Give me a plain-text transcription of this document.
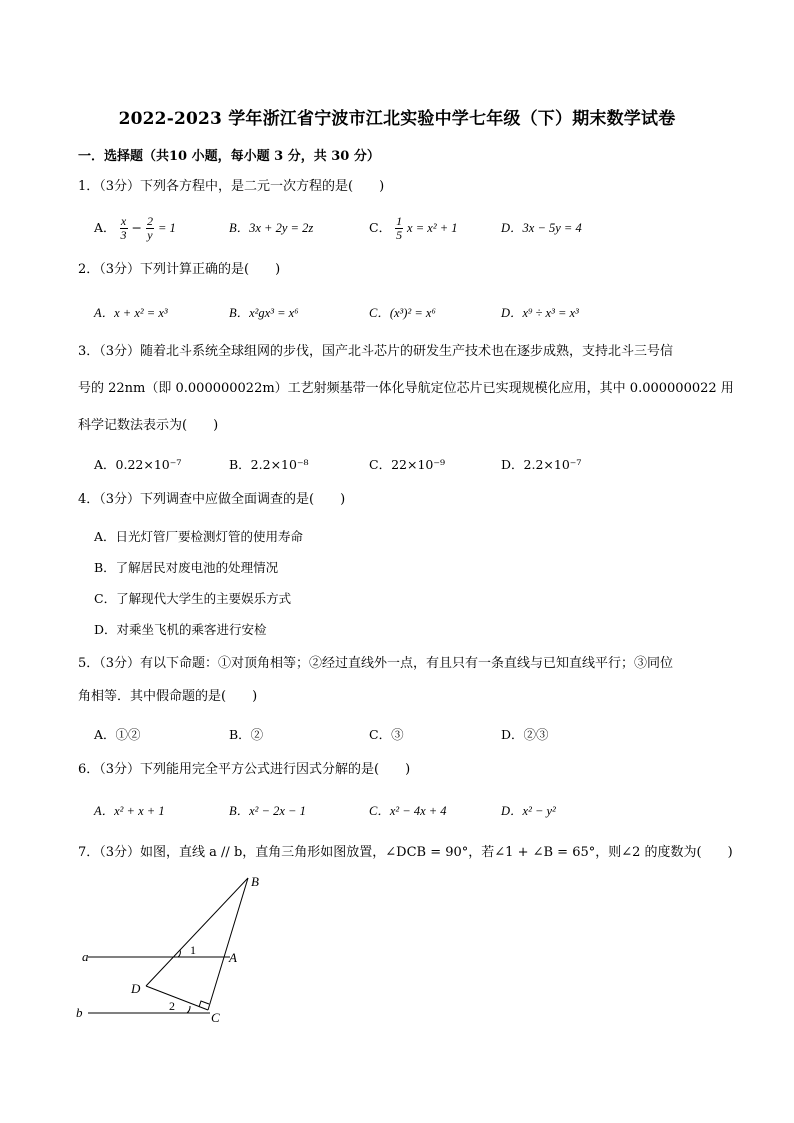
2022-2023 学年浙江省宁波市江北实验中学七年级（下）期末数学试卷
一．选择题（共10 小题，每小题 3 分，共 30 分）
1．（3分）下列各方程中，是二元一次方程的是(　　)
A． $\frac{x}{3} - \frac{2}{y} = 1$	B．3x + 2y = 2z	C． $\frac{1}{5}$ x = x² + 1	D．3x − 5y = 4
2．（3分）下列计算正确的是(　　)
A．x + x² = x³	B．x²gx³ = x⁶	C．(x³)² = x⁶	D．x⁹ ÷ x³ = x³
3．（3分）随着北斗系统全球组网的步伐，国产北斗芯片的研发生产技术也在逐步成熟，支持北斗三号信
号的 22nm（即 0.000000022m）工艺射频基带一体化导航定位芯片已实现规模化应用，其中 0.000000022 用
科学记数法表示为(　　)
A．0.22×10⁻⁷	B．2.2×10⁻⁸	C．22×10⁻⁹	D．2.2×10⁻⁷
4．（3分）下列调查中应做全面调查的是(　　)
A．日光灯管厂要检测灯管的使用寿命
B．了解居民对废电池的处理情况
C．了解现代大学生的主要娱乐方式
D．对乘坐飞机的乘客进行安检
5．（3分）有以下命题：①对顶角相等；②经过直线外一点，有且只有一条直线与已知直线平行；③同位
角相等．其中假命题的是(　　)
A．①②	B．②	C．③	D．②③
6．（3分）下列能用完全平方公式进行因式分解的是(　　)
A．x² + x + 1	B．x² − 2x − 1	C．x² − 4x + 4	D．x² − y²
7．（3分）如图，直线 a // b，直角三角形如图放置，∠DCB = 90°，若∠1 + ∠B = 65°，则∠2 的度数为(　　)
B
A
C
D
a
b
1
2
